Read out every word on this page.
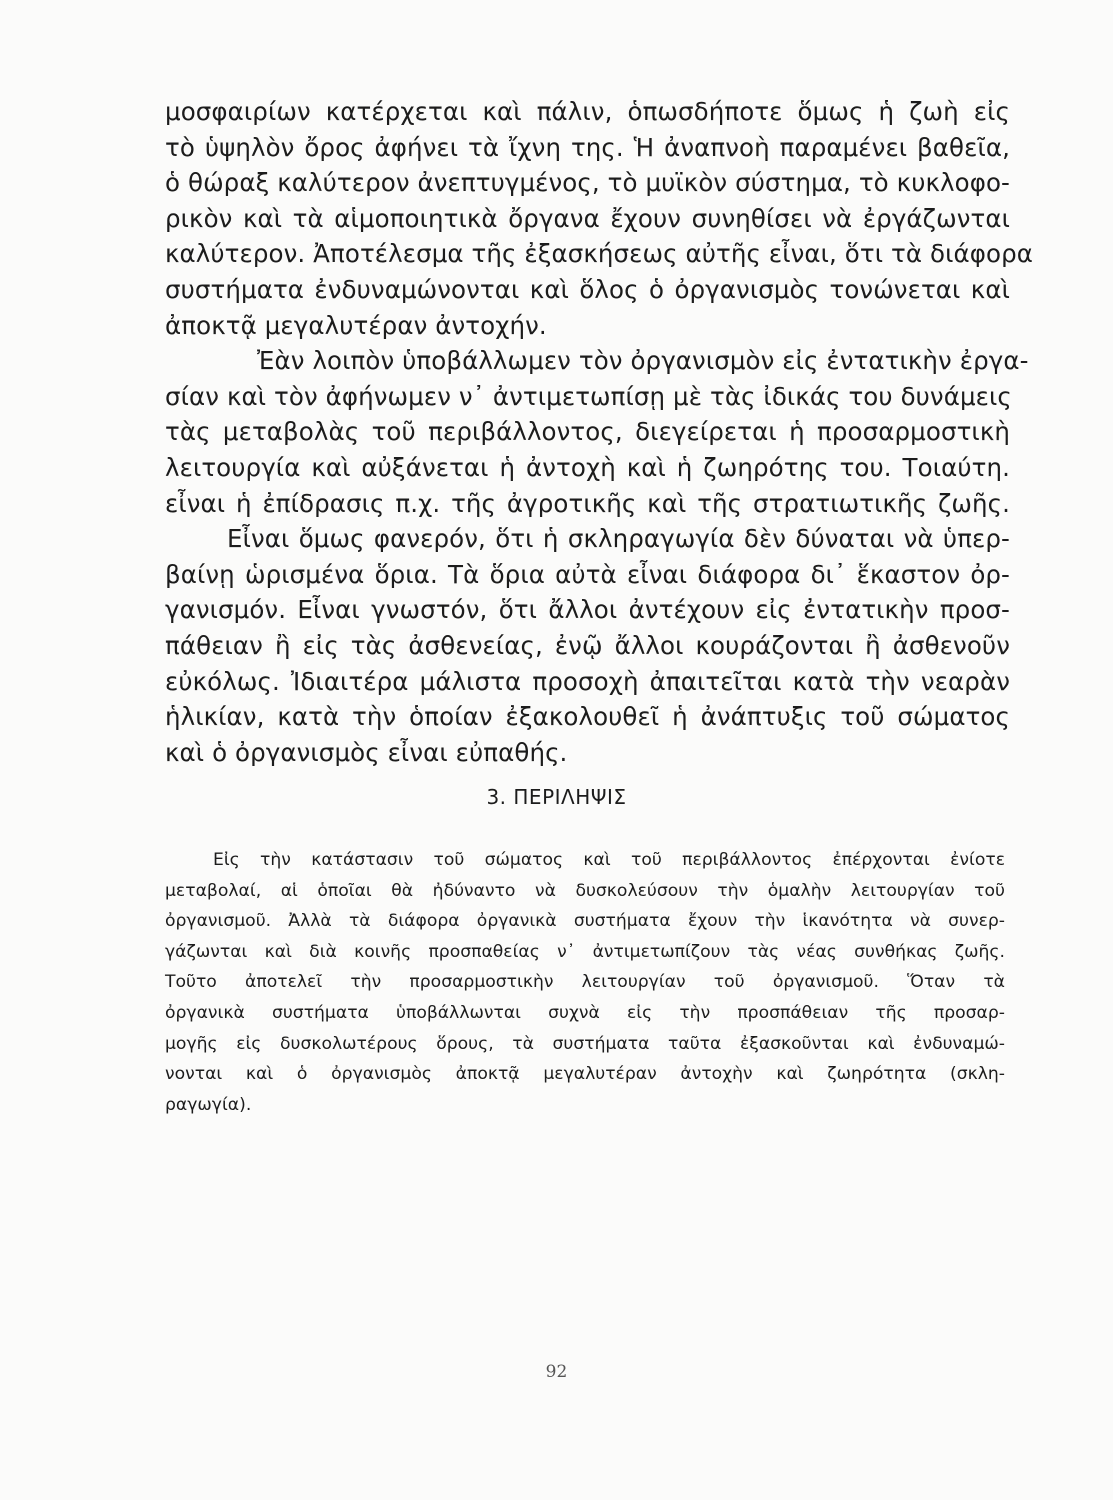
μοσφαιρίων κατέρχεται καὶ πάλιν, ὁπωσδήποτε ὅμως ἡ ζωὴ εἰς
τὸ ὑψηλὸν ὄρος ἀφήνει τὰ ἴχνη της. Ἡ ἀναπνοὴ παραμένει βαθεῖα,
ὁ θώραξ καλύτερον ἀνεπτυγμένος, τὸ μυϊκὸν σύστημα, τὸ κυκλοφο-
ρικὸν καὶ τὰ αἱμοποιητικὰ ὄργανα ἔχουν συνηθίσει νὰ ἐργάζωνται
καλύτερον. Ἀποτέλεσμα τῆς ἐξασκήσεως αὐτῆς εἶναι, ὅτι τὰ διάφορα
συστήματα ἐνδυναμώνονται καὶ ὅλος ὁ ὀργανισμὸς τονώνεται καὶ
ἀποκτᾷ μεγαλυτέραν ἀντοχήν.
Ἐὰν λοιπὸν ὑποβάλλωμεν τὸν ὀργανισμὸν εἰς ἐντατικὴν ἐργα-
σίαν καὶ τὸν ἀφήνωμεν ν᾽ ἀντιμετωπίσῃ μὲ τὰς ἰδικάς του δυνάμεις
τὰς μεταβολὰς τοῦ περιβάλλοντος, διεγείρεται ἡ προσαρμοστικὴ
λειτουργία καὶ αὐξάνεται ἡ ἀντοχὴ καὶ ἡ ζωηρότης του. Τοιαύτη.
εἶναι ἡ ἐπίδρασις π.χ. τῆς ἀγροτικῆς καὶ τῆς στρατιωτικῆς ζωῆς.
Εἶναι ὅμως φανερόν, ὅτι ἡ σκληραγωγία δὲν δύναται νὰ ὑπερ-
βαίνῃ ὡρισμένα ὅρια. Τὰ ὅρια αὐτὰ εἶναι διάφορα δι᾽ ἕκαστον ὀρ-
γανισμόν. Εἶναι γνωστόν, ὅτι ἄλλοι ἀντέχουν εἰς ἐντατικὴν προσ-
πάθειαν ἢ εἰς τὰς ἀσθενείας, ἐνῷ ἄλλοι κουράζονται ἢ ἀσθενοῦν
εὐκόλως. Ἰδιαιτέρα μάλιστα προσοχὴ ἀπαιτεῖται κατὰ τὴν νεαρὰν
ἡλικίαν, κατὰ τὴν ὁποίαν ἐξακολουθεῖ ἡ ἀνάπτυξις τοῦ σώματος
καὶ ὁ ὀργανισμὸς εἶναι εὐπαθής.
3. ΠΕΡΙΛΗΨΙΣ
Εἰς τὴν κατάστασιν τοῦ σώματος καὶ τοῦ περιβάλλοντος ἐπέρχονται ἐνίοτε
μεταβολαί, αἱ ὁποῖαι θὰ ἠδύναντο νὰ δυσκολεύσουν τὴν ὁμαλὴν λειτουργίαν τοῦ
ὀργανισμοῦ. Ἀλλὰ τὰ διάφορα ὀργανικὰ συστήματα ἔχουν τὴν ἱκανότητα νὰ συνερ-
γάζωνται καὶ διὰ κοινῆς προσπαθείας ν᾽ ἀντιμετωπίζουν τὰς νέας συνθήκας ζωῆς.
Τοῦτο ἀποτελεῖ τὴν προσαρμοστικὴν λειτουργίαν τοῦ ὀργανισμοῦ. Ὅταν τὰ
ὀργανικὰ συστήματα ὑποβάλλωνται συχνὰ εἰς τὴν προσπάθειαν τῆς προσαρ-
μογῆς εἰς δυσκολωτέρους ὅρους, τὰ συστήματα ταῦτα ἐξασκοῦνται καὶ ἐνδυναμώ-
νονται καὶ ὁ ὀργανισμὸς ἀποκτᾷ μεγαλυτέραν ἀντοχὴν καὶ ζωηρότητα (σκλη-
ραγωγία).
92
